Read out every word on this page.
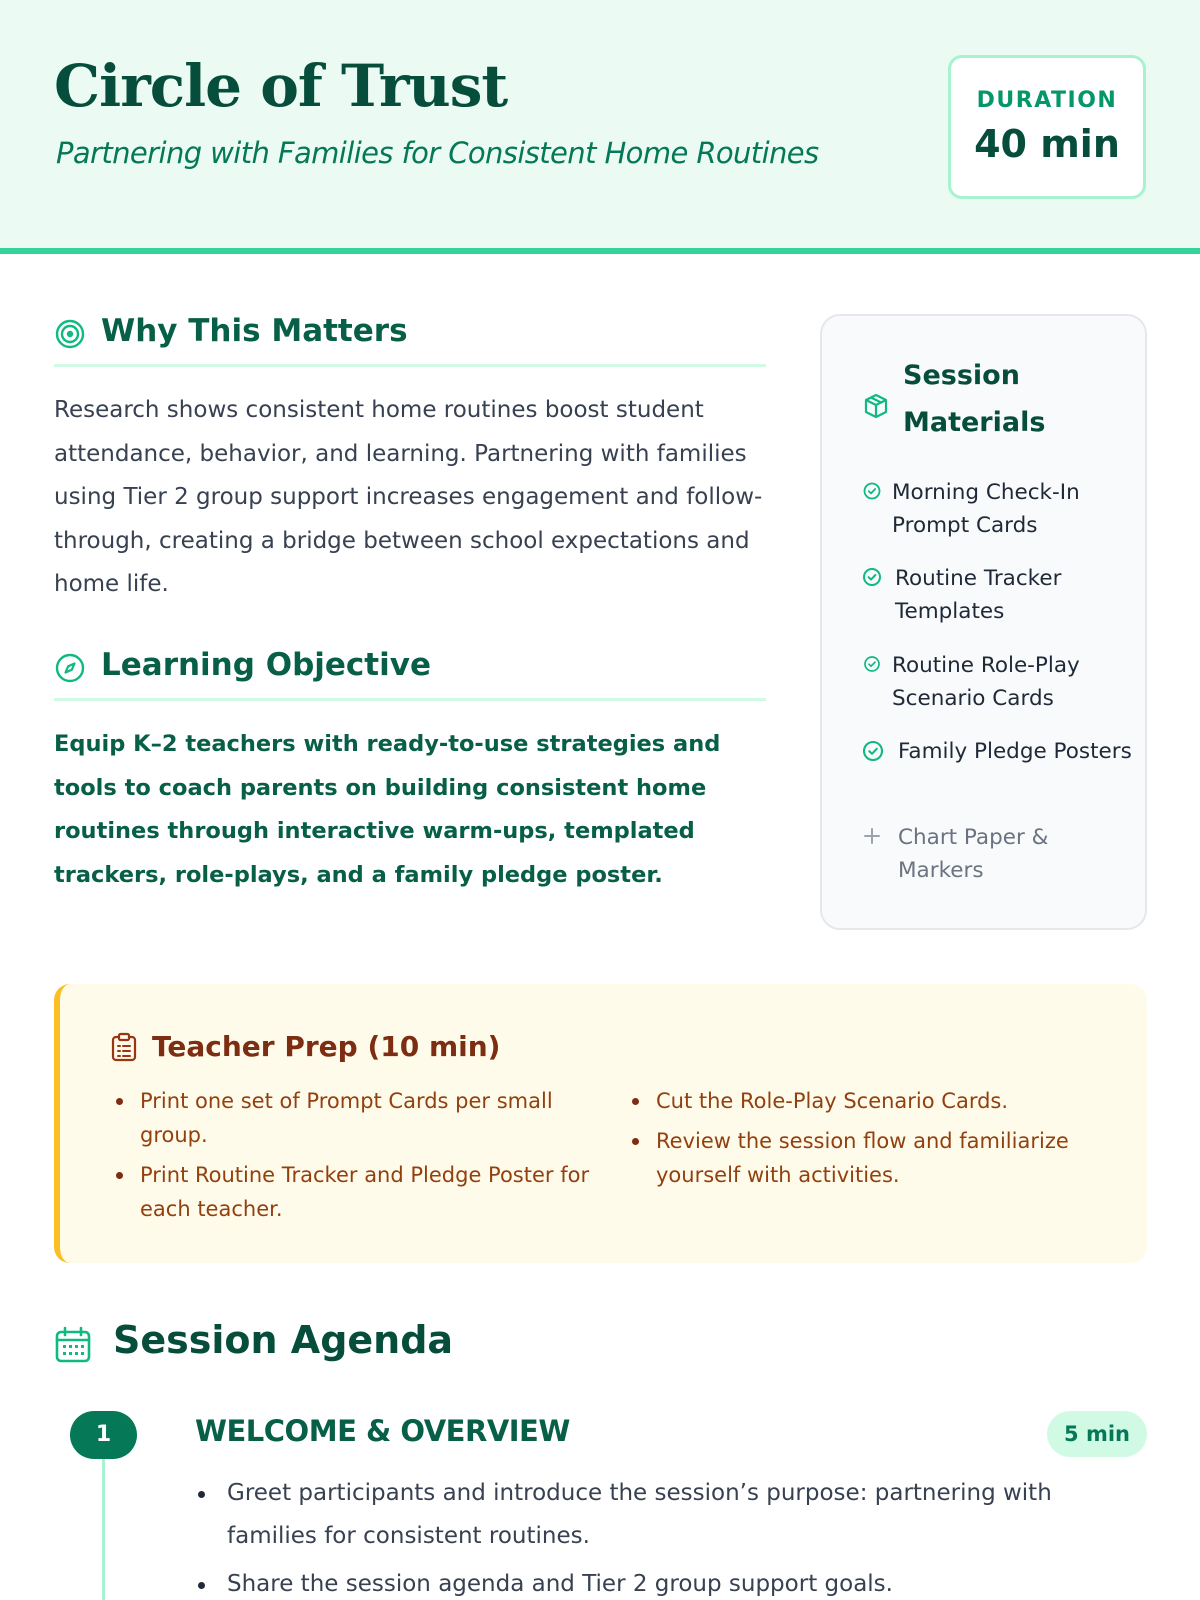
Circle of Trust
Partnering with Families for Consistent Home Routines
DURATION
40 min
Why This Matters
Research shows consistent home routines boost student attendance, behavior, and learning. Partnering with families using Tier 2 group support increases engagement and follow-through, creating a bridge between school expectations and home life.
Learning Objective
Equip K–2 teachers with ready-to-use strategies and tools to coach parents on building consistent home routines through interactive warm-ups, templated trackers, role-plays, and a family pledge poster.
Session Materials
Morning Check-In Prompt Cards
Routine Tracker Templates
Routine Role-Play Scenario Cards
Family Pledge Posters
Chart Paper & Markers
Teacher Prep (10 min)
Print one set of Prompt Cards per small group.
Print Routine Tracker and Pledge Poster for each teacher.
Cut the Role-Play Scenario Cards.
Review the session flow and familiarize yourself with activities.
Session Agenda
1	WELCOME & OVERVIEW	5 min
Greet participants and introduce the session’s purpose: partnering with families for consistent routines.
Share the session agenda and Tier 2 group support goals.
